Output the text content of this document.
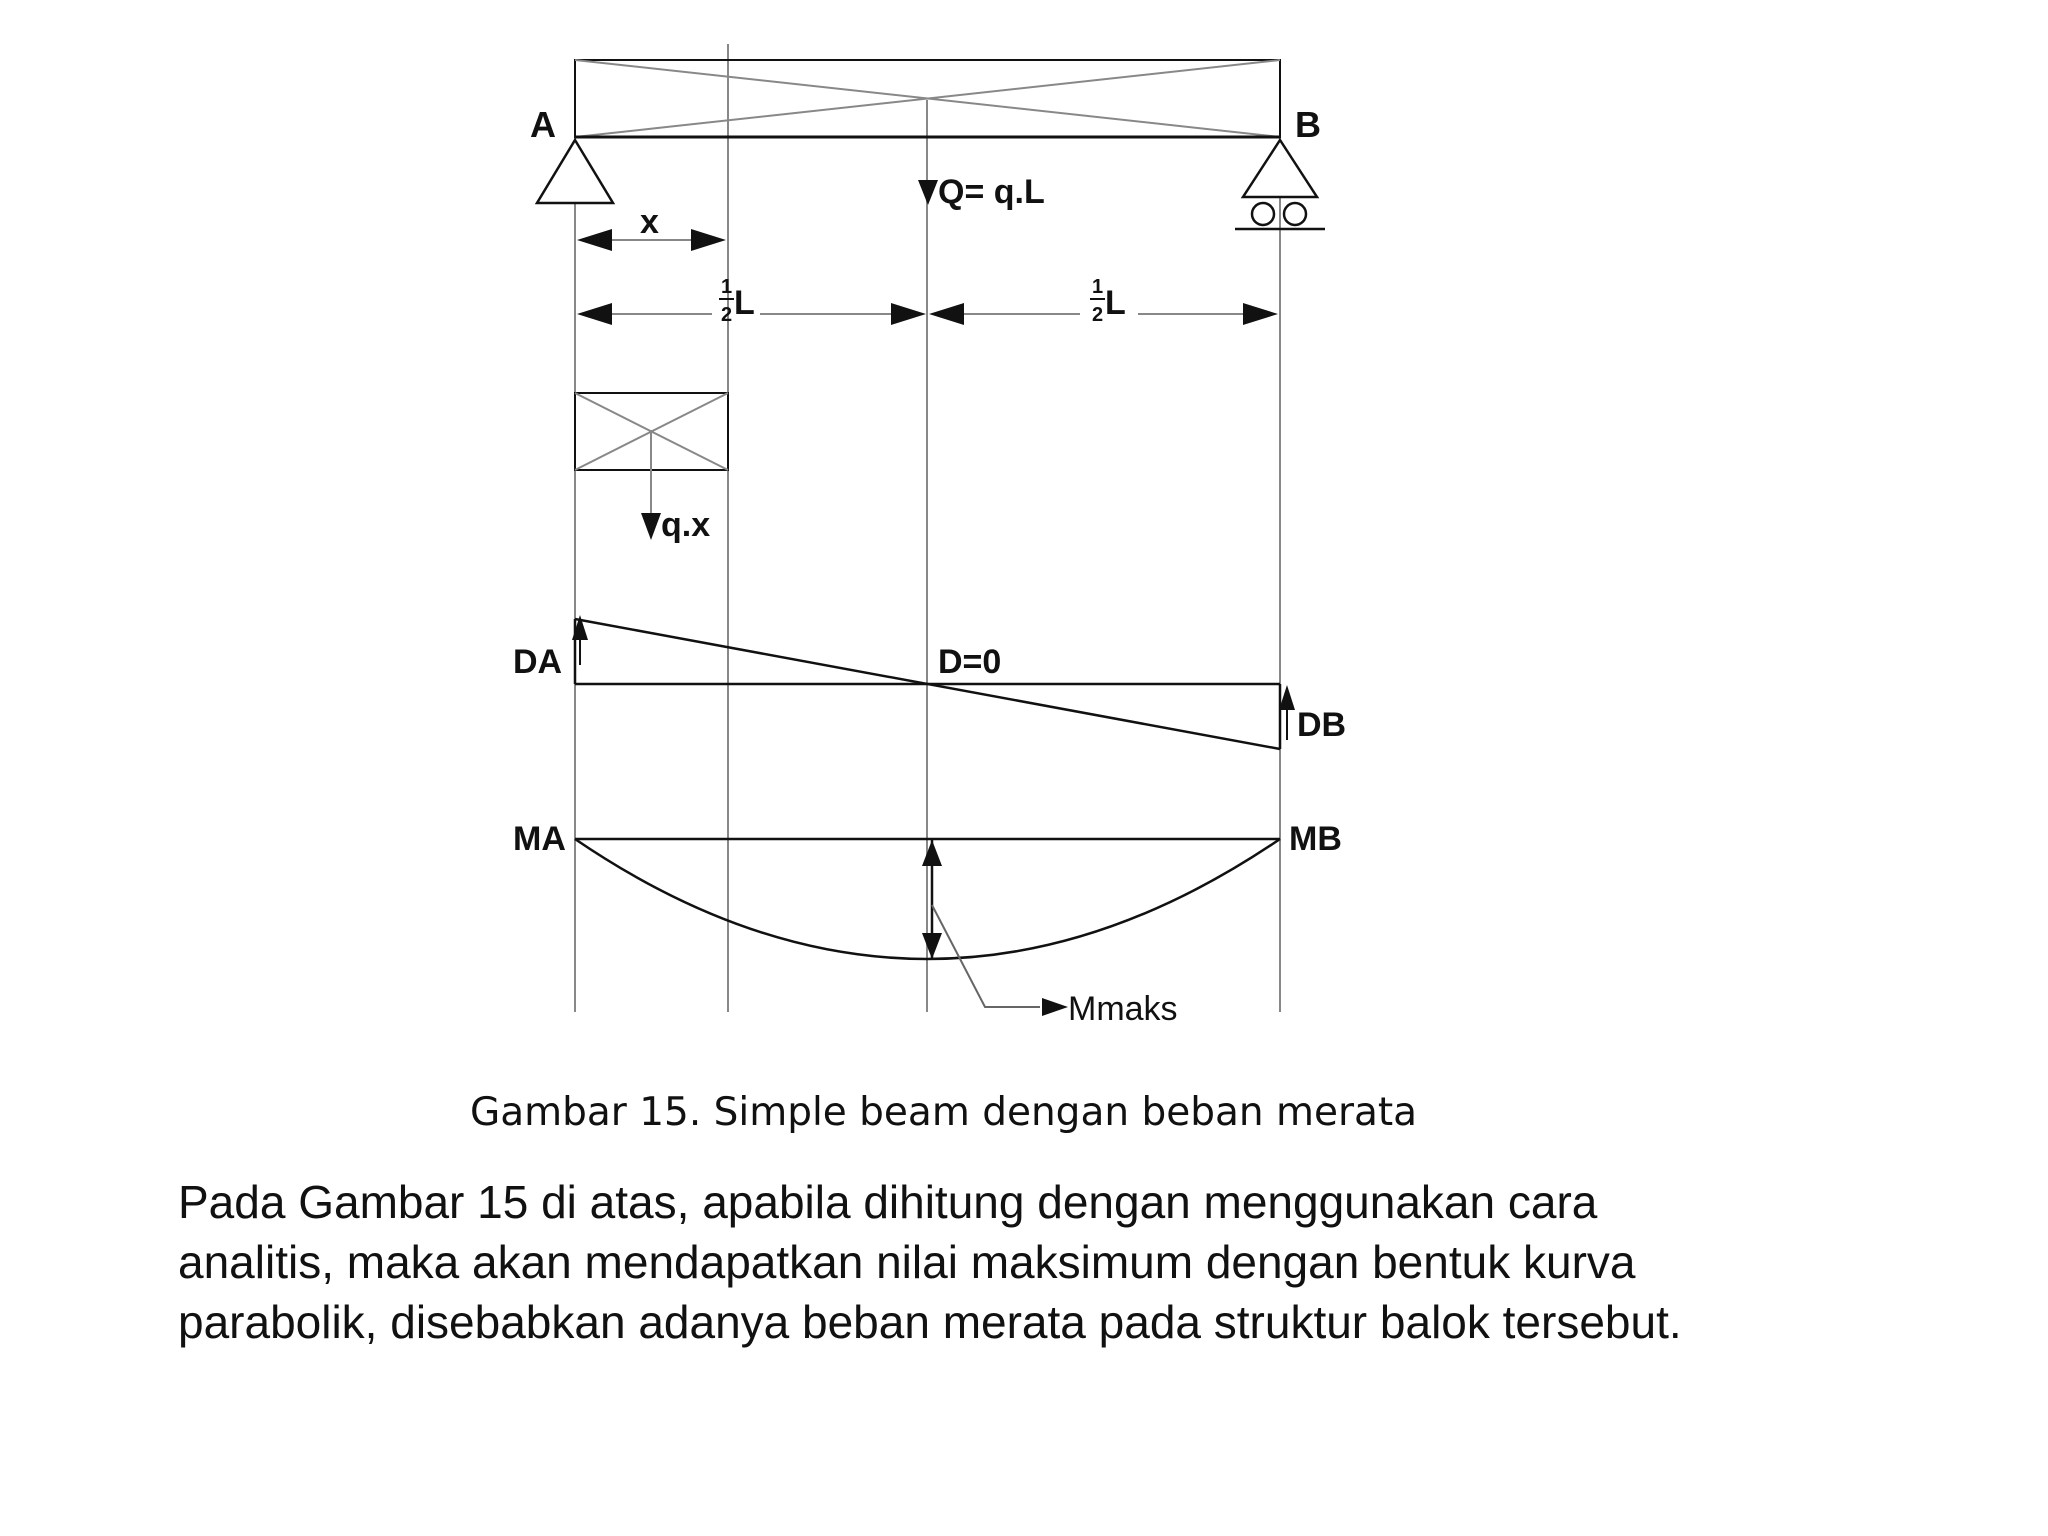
A	B
Q= q.L
x
1
2 L	1
2 L
q.x
DA	D=0
DB
MA	MB
Mmaks
Gambar 15. Simple beam dengan beban merata
Pada Gambar 15 di atas, apabila dihitung dengan menggunakan cara
analitis, maka akan mendapatkan nilai maksimum dengan bentuk kurva
parabolik, disebabkan adanya beban merata pada struktur balok tersebut.
